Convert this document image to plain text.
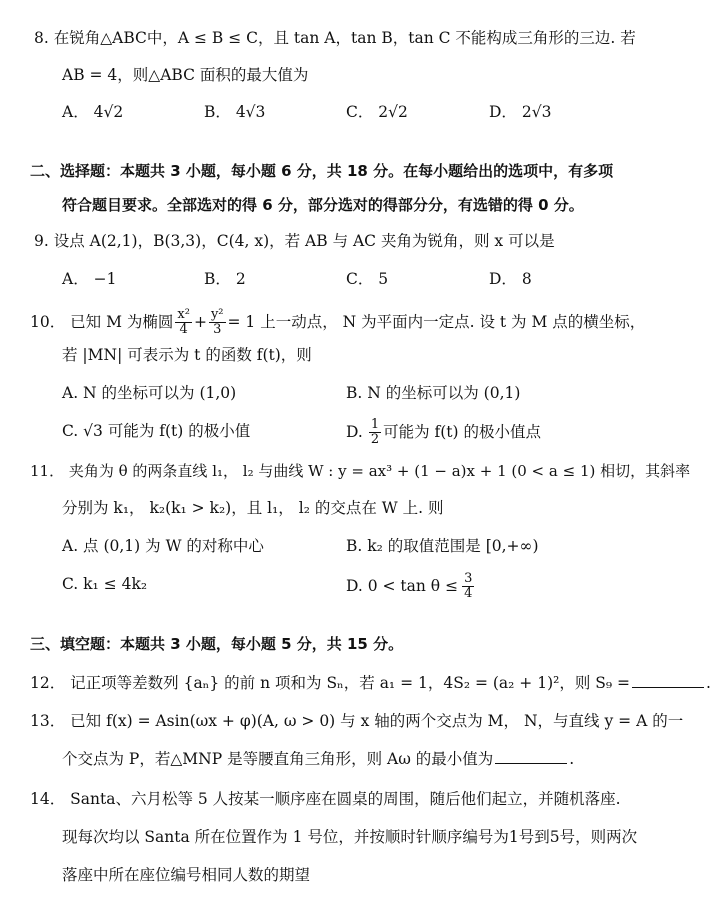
8. 在锐角△ABC中，A ≤ B ≤ C，且 tan A，tan B，tan C 不能构成三角形的三边. 若
AB = 4，则△ABC 面积的最大值为
A． 4√2	B． 4√3	C． 2√2	D． 2√3
二、选择题：本题共 3 小题，每小题 6 分，共 18 分。在每小题给出的选项中，有多项
符合题目要求。全部选对的得 6 分，部分选对的得部分分，有选错的得 0 分。
9. 设点 A(2,1)，B(3,3)，C(4, x)，若 AB 与 AC 夹角为锐角，则 x 可以是
A． −1	B． 2	C． 5	D． 8
10． 已知 M 为椭圆 $\frac{\text{x²}}{4} + \frac{\text{y²}}{3} = 1$ 上一动点， N 为平面内一定点. 设 t 为 M 点的横坐标，
若 |MN| 可表示为 t 的函数 f(t)，则
A. N 的坐标可以为 (1,0)	B. N 的坐标可以为 (0,1)
C. √3 可能为 f(t) 的极小值	D. $\frac{1}{2}$ 可能为 f(t) 的极小值点
11． 夹角为 θ 的两条直线 l₁， l₂ 与曲线 W : y = ax³ + (1 − a)x + 1 (0 < a ≤ 1) 相切，其斜率
分别为 k₁， k₂(k₁ > k₂)，且 l₁， l₂ 的交点在 W 上. 则
A. 点 (0,1) 为 W 的对称中心	B. k₂ 的取值范围是 [0,+∞)
C. k₁ ≤ 4k₂	D. $0 < \tan \theta \le \frac{3}{4}$
三、填空题：本题共 3 小题，每小题 5 分，共 15 分。
12． 记正项等差数列 {aₙ} 的前 n 项和为 Sₙ，若 a₁ = 1，4S₂ = (a₂ + 1)²，则 S₉ =	.
13． 已知 f(x) = Asin(ωx + φ)(A, ω > 0) 与 x 轴的两个交点为 M， N，与直线 y = A 的一
个交点为 P，若△MNP 是等腰直角三角形，则 Aω 的最小值为	.
14． Santa、六月松等 5 人按某一顺序座在圆桌的周围，随后他们起立，并随机落座.
现每次均以 Santa 所在位置作为 1 号位，并按顺时针顺序编号为1号到5号，则两次
落座中所在座位编号相同人数的期望
